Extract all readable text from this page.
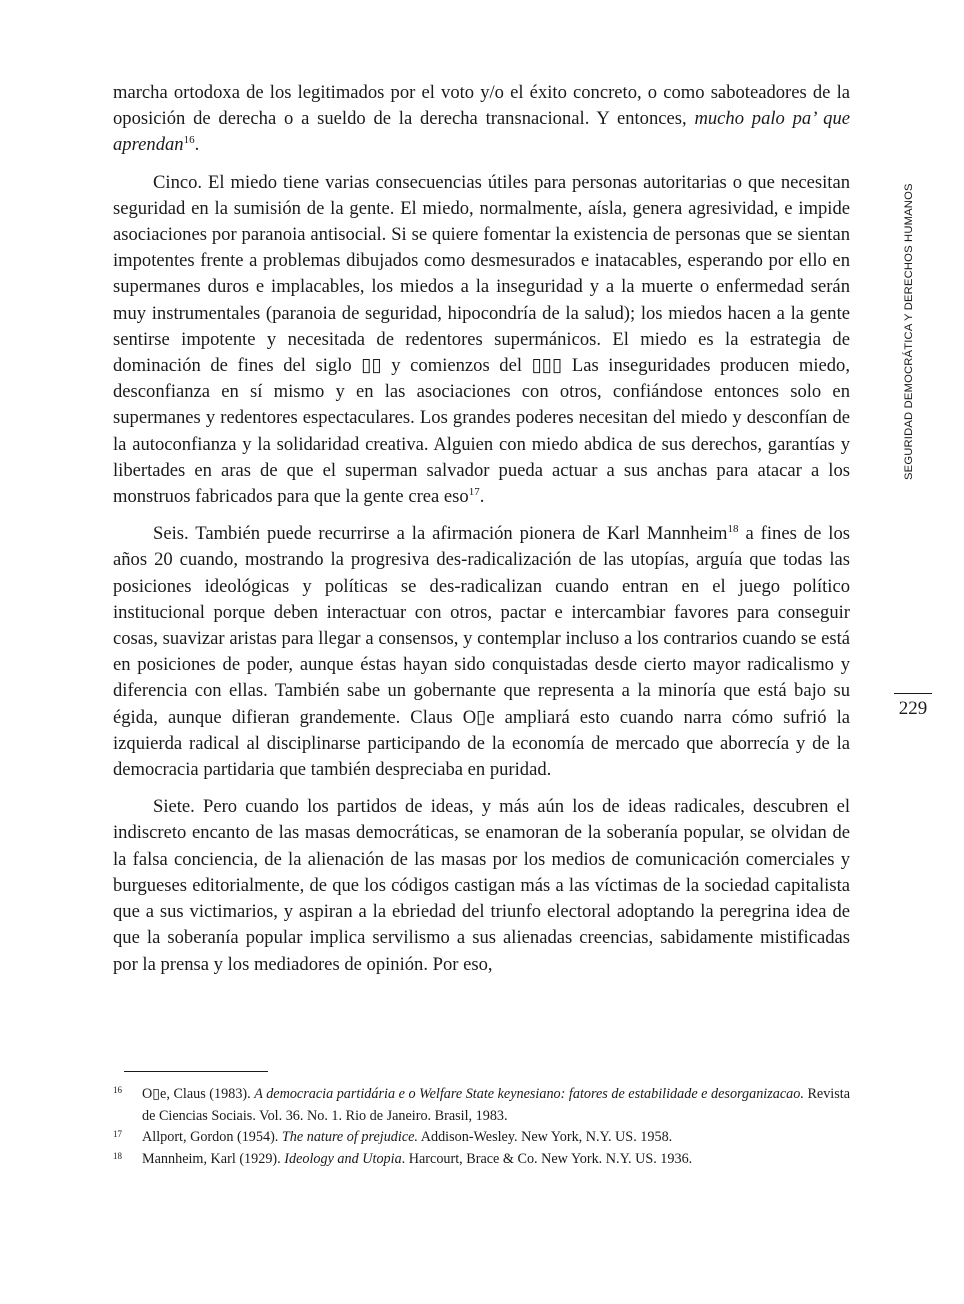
SEGURIDAD DEMOCRÁTICA Y DERECHOS HUMANOS
229

marcha ortodoxa de los legitimados por el voto y/o el éxito concreto, o como saboteadores de la oposición de derecha o a sueldo de la derecha transnacional. Y entonces, mucho palo pa’ que aprendan$^{16}$.

Cinco. El miedo tiene varias consecuencias útiles para personas autoritarias o que necesitan seguridad en la sumisión de la gente. El miedo, normalmente, aísla, genera agresividad, e impide asociaciones por paranoia antisocial. Si se quiere fomentar la existencia de personas que se sientan impotentes frente a problemas dibujados como desmesurados e inatacables, esperando por ello en supermanes duros e implacables, los miedos a la inseguridad y a la muerte o enfermedad serán muy instrumentales (paranoia de seguridad, hipocondría de la salud); los miedos hacen a la gente sentirse impotente y necesitada de redentores supermánicos. El miedo es la estrategia de dominación de fines del siglo ▯▯ y comienzos del ▯▯▯ Las inseguridades producen miedo, desconfianza en sí mismo y en las asociaciones con otros, confiándose entonces solo en supermanes y redentores espectaculares. Los grandes poderes necesitan del miedo y desconfían de la autoconfianza y la solidaridad creativa. Alguien con miedo abdica de sus derechos, garantías y libertades en aras de que el superman salvador pueda actuar a sus anchas para atacar a los monstruos fabricados para que la gente crea eso$^{17}$.

Seis. También puede recurrirse a la afirmación pionera de Karl Mannheim$^{18}$ a fines de los años 20 cuando, mostrando la progresiva des-radicalización de las utopías, arguía que todas las posiciones ideológicas y políticas se des-radicalizan cuando entran en el juego político institucional porque deben interactuar con otros, pactar e intercambiar favores para conseguir cosas, suavizar aristas para llegar a consensos, y contemplar incluso a los contrarios cuando se está en posiciones de poder, aunque éstas hayan sido conquistadas desde cierto mayor radicalismo y diferencia con ellas. También sabe un gobernante que representa a la minoría que está bajo su égida, aunque difieran grandemente. Claus O▯e ampliará esto cuando narra cómo sufrió la izquierda radical al disciplinarse participando de la economía de mercado que aborrecía y de la democracia partidaria que también despreciaba en puridad.

Siete. Pero cuando los partidos de ideas, y más aún los de ideas radicales, descubren el indiscreto encanto de las masas democráticas, se enamoran de la soberanía popular, se olvidan de la falsa conciencia, de la alienación de las masas por los medios de comunicación comerciales y burgueses editorialmente, de que los códigos castigan más a las víctimas de la sociedad capitalista que a sus victimarios, y aspiran a la ebriedad del triunfo electoral adoptando la peregrina idea de que la soberanía popular implica servilismo a sus alienadas creencias, sabidamente mistificadas por la prensa y los mediadores de opinión. Por eso,

16 O▯e, Claus (1983). A democracia partidária e o Welfare State keynesiano: fatores de estabilidade e desorganizacao. Revista de Ciencias Sociais. Vol. 36. No. 1. Rio de Janeiro. Brasil, 1983.
17 Allport, Gordon (1954). The nature of prejudice. Addison-Wesley. New York, N.Y. US. 1958.
18 Mannheim, Karl (1929). Ideology and Utopia. Harcourt, Brace & Co. New York. N.Y. US. 1936.
